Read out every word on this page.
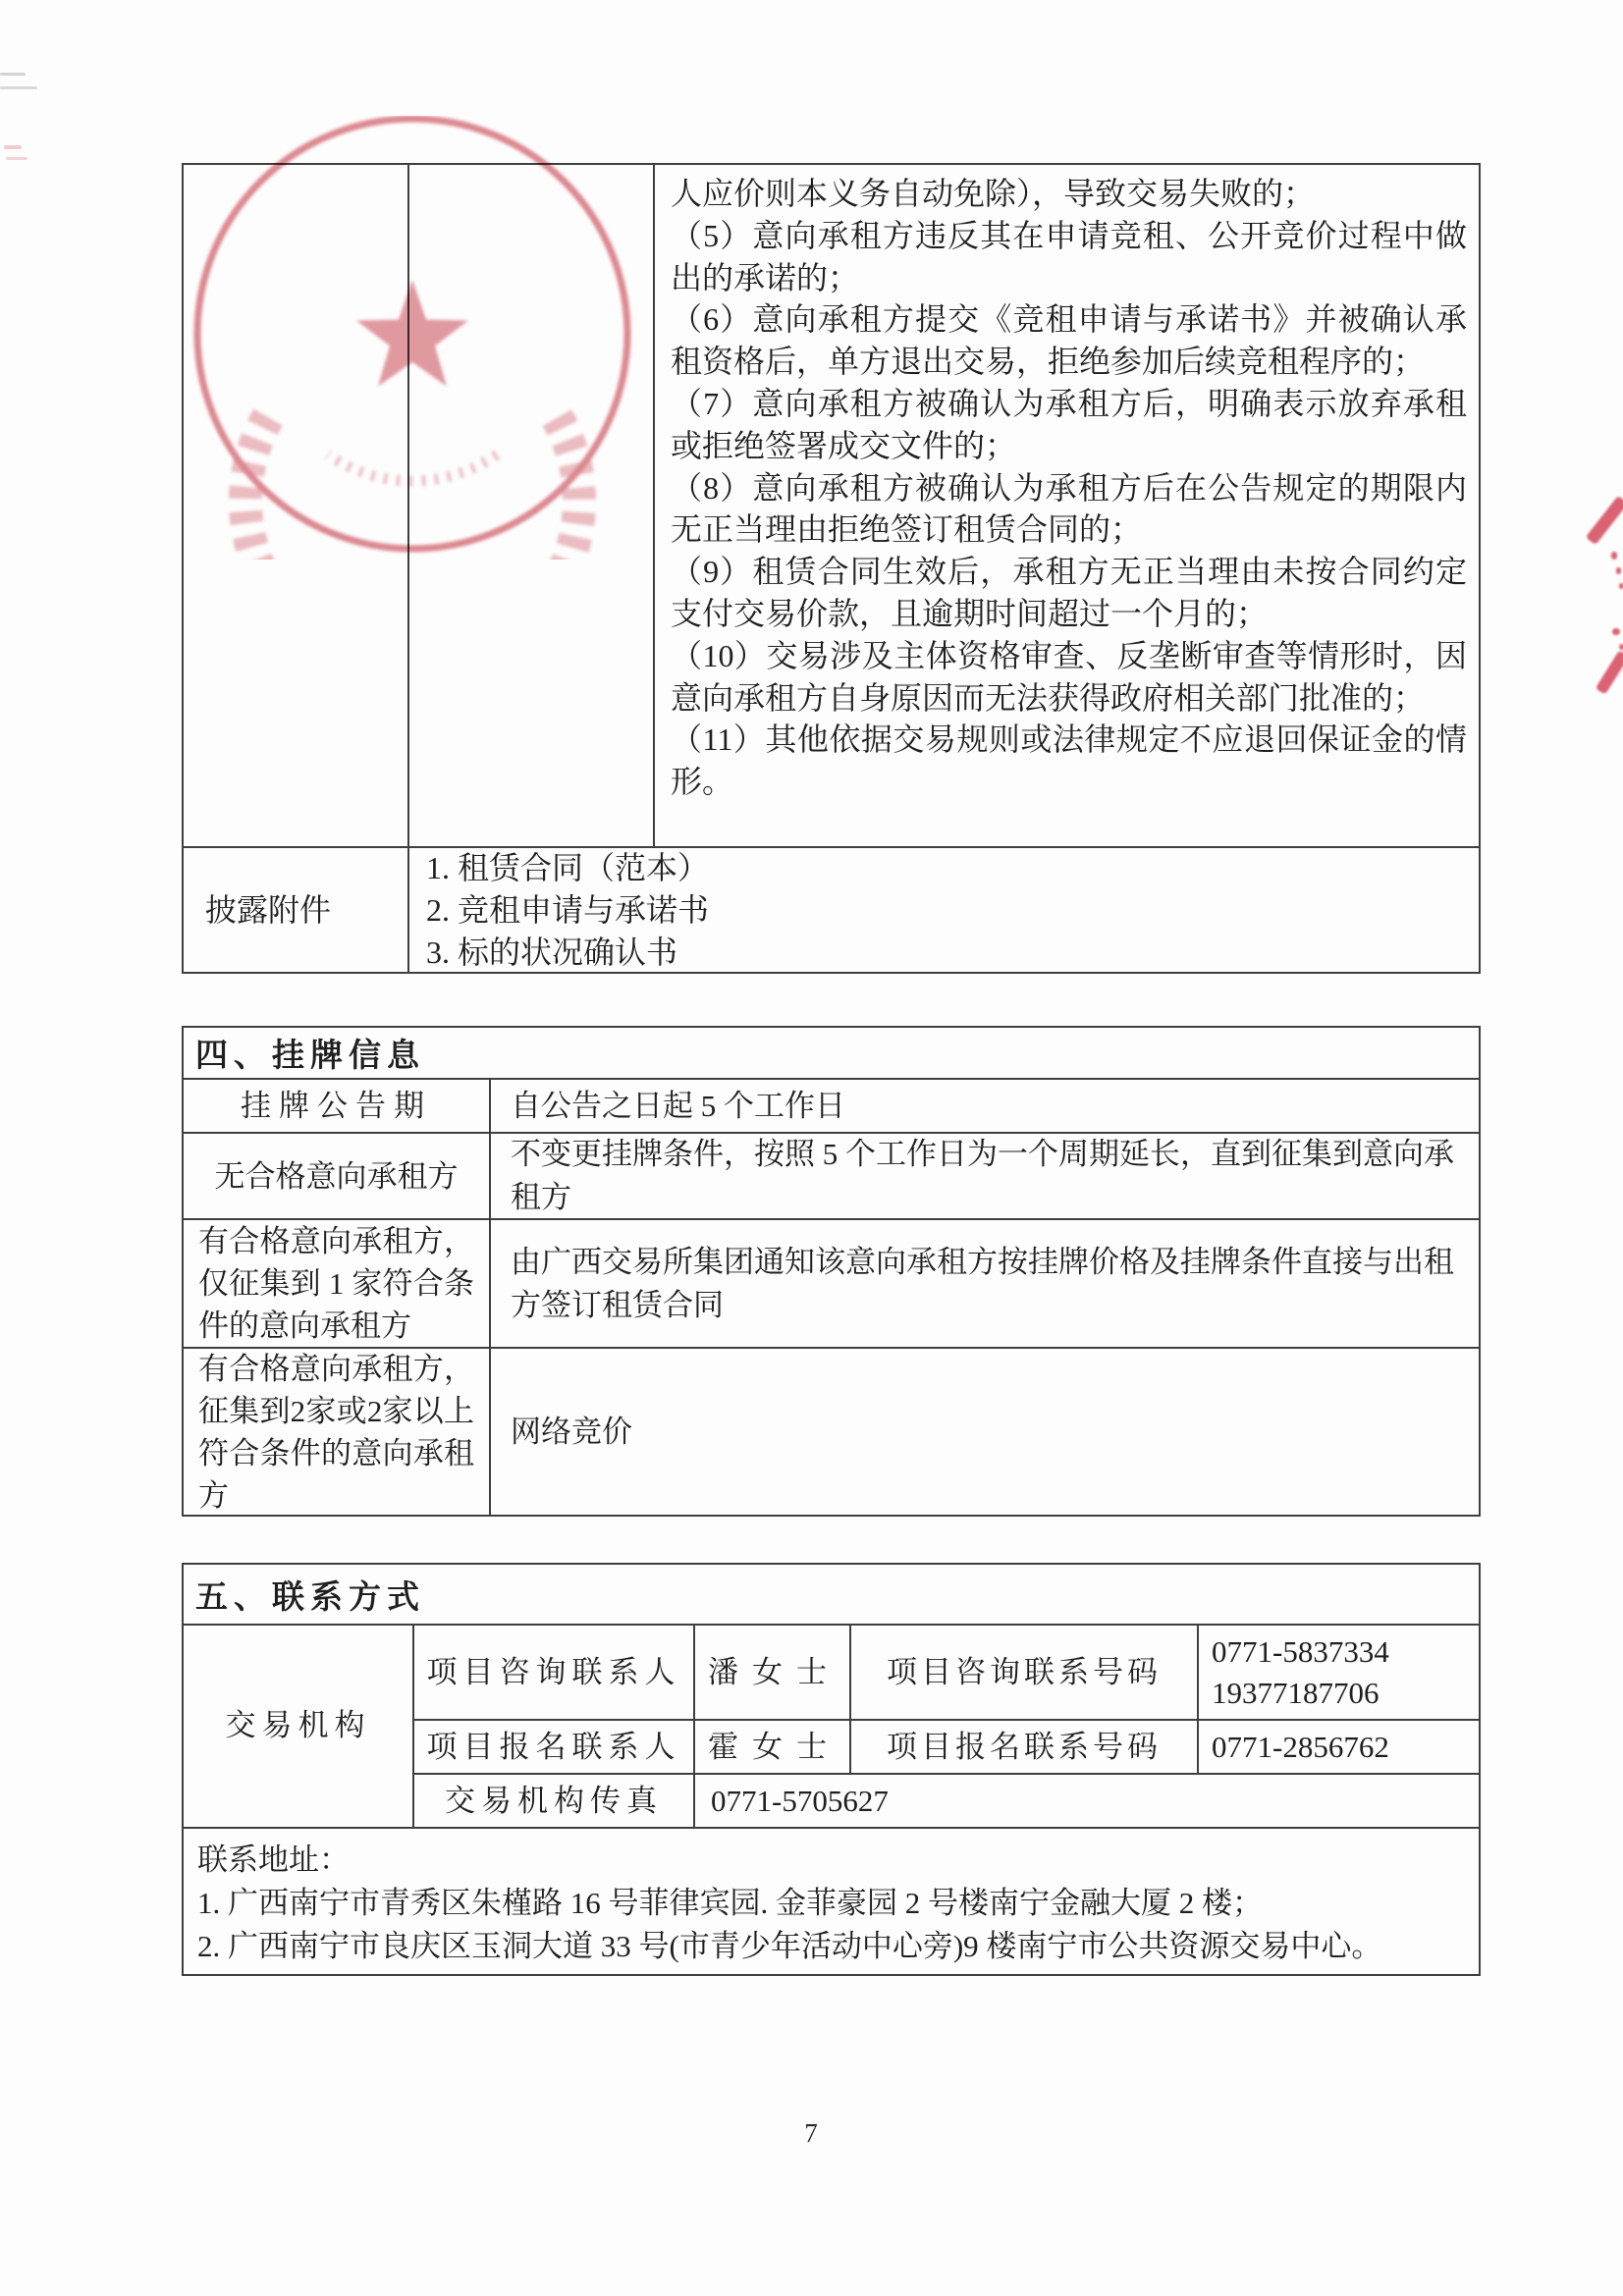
人应价则本义务自动免除），导致交易失败的；
（5）意向承租方违反其在申请竞租、公开竞价过程中做出的承诺的；
（6）意向承租方提交《竞租申请与承诺书》并被确认承租资格后，单方退出交易，拒绝参加后续竞租程序的；
（7）意向承租方被确认为承租方后，明确表示放弃承租或拒绝签署成交文件的；
（8）意向承租方被确认为承租方后在公告规定的期限内无正当理由拒绝签订租赁合同的；
（9）租赁合同生效后，承租方无正当理由未按合同约定支付交易价款，且逾期时间超过一个月的；
（10）交易涉及主体资格审查、反垄断审查等情形时，因意向承租方自身原因而无法获得政府相关部门批准的；
（11）其他依据交易规则或法律规定不应退回保证金的情形。
披露附件
1. 租赁合同（范本）
2. 竞租申请与承诺书
3. 标的状况确认书
四、挂牌信息
挂牌公告期	自公告之日起 5 个工作日
无合格意向承租方
不变更挂牌条件，按照 5 个工作日为一个周期延长，直到征集到意向承租方
有合格意向承租方，仅征集到 1 家符合条件的意向承租方
由广西交易所集团通知该意向承租方按挂牌价格及挂牌条件直接与出租方签订租赁合同
有合格意向承租方，征集到2家或2家以上符合条件的意向承租方
网络竞价
五、联系方式
交易机构
项目咨询联系人 潘女士 项目咨询联系号码
0771-5837334
19377187706
项目报名联系人 霍女士 项目报名联系号码 0771-2856762
交易机构传真 0771-5705627
联系地址：
1. 广西南宁市青秀区朱槿路 16 号菲律宾园. 金菲豪园 2 号楼南宁金融大厦 2 楼；
2. 广西南宁市良庆区玉洞大道 33 号(市青少年活动中心旁)9 楼南宁市公共资源交易中心。
7
